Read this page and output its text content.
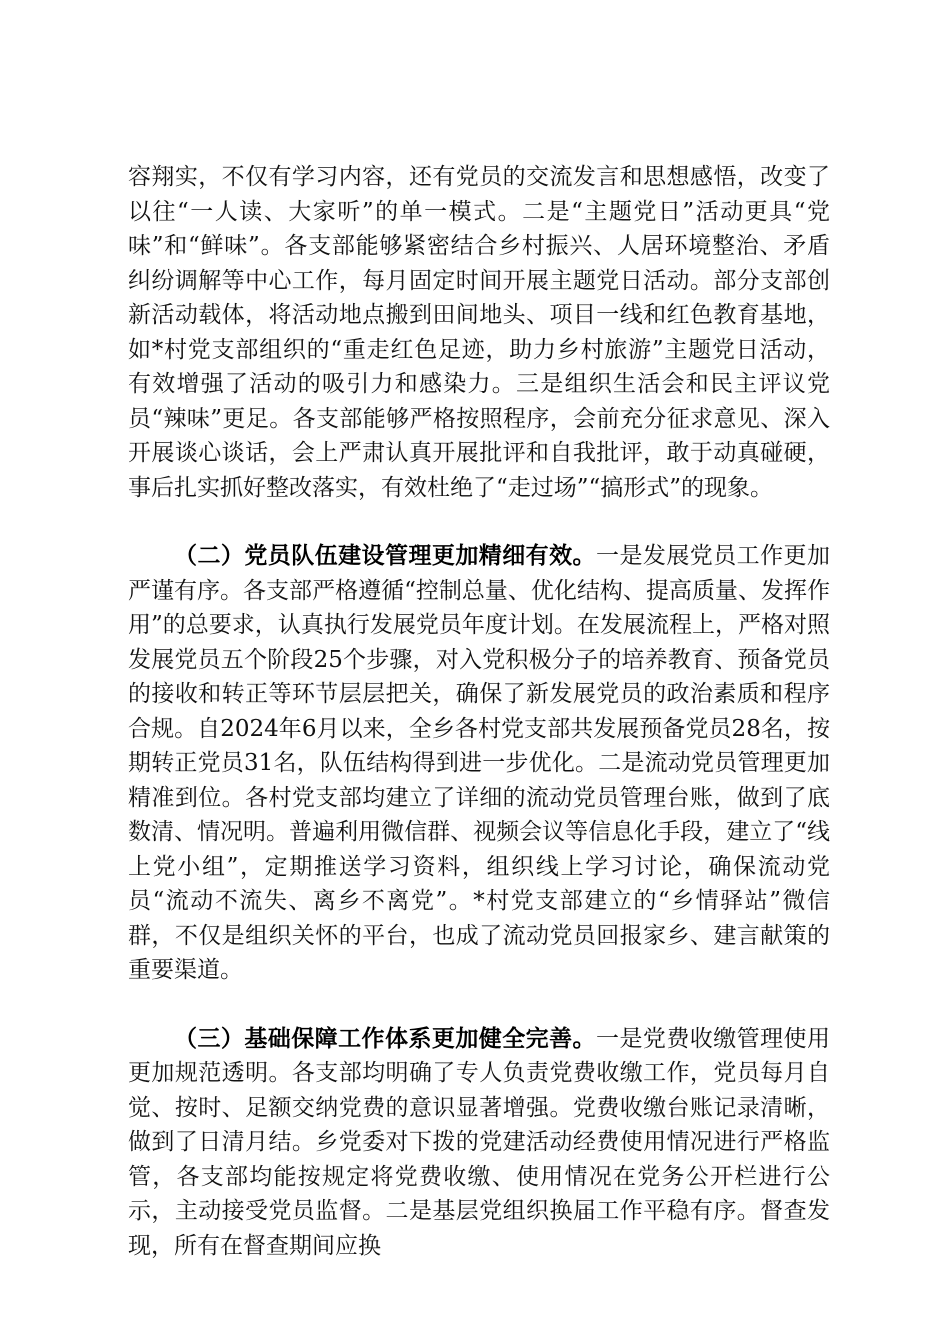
容翔实，不仅有学习内容，还有党员的交流发言和思想感悟，改变了以往“一人读、大家听”的单一模式。二是“主题党日”活动更具“党味”和“鲜味”。各支部能够紧密结合乡村振兴、人居环境整治、矛盾纠纷调解等中心工作，每月固定时间开展主题党日活动。部分支部创新活动载体，将活动地点搬到田间地头、项目一线和红色教育基地，如*村党支部组织的“重走红色足迹，助力乡村旅游”主题党日活动，有效增强了活动的吸引力和感染力。三是组织生活会和民主评议党员“辣味”更足。各支部能够严格按照程序，会前充分征求意见、深入开展谈心谈话，会上严肃认真开展批评和自我批评，敢于动真碰硬，事后扎实抓好整改落实，有效杜绝了“走过场”“搞形式”的现象。

（二）党员队伍建设管理更加精细有效。一是发展党员工作更加严谨有序。各支部严格遵循“控制总量、优化结构、提高质量、发挥作用”的总要求，认真执行发展党员年度计划。在发展流程上，严格对照发展党员五个阶段25个步骤，对入党积极分子的培养教育、预备党员的接收和转正等环节层层把关，确保了新发展党员的政治素质和程序合规。自2024年6月以来，全乡各村党支部共发展预备党员28名，按期转正党员31名，队伍结构得到进一步优化。二是流动党员管理更加精准到位。各村党支部均建立了详细的流动党员管理台账，做到了底数清、情况明。普遍利用微信群、视频会议等信息化手段，建立了“线上党小组”，定期推送学习资料，组织线上学习讨论，确保流动党员“流动不流失、离乡不离党”。*村党支部建立的“乡情驿站”微信群，不仅是组织关怀的平台，也成了流动党员回报家乡、建言献策的重要渠道。

（三）基础保障工作体系更加健全完善。一是党费收缴管理使用更加规范透明。各支部均明确了专人负责党费收缴工作，党员每月自觉、按时、足额交纳党费的意识显著增强。党费收缴台账记录清晰，做到了日清月结。乡党委对下拨的党建活动经费使用情况进行严格监管，各支部均能按规定将党费收缴、使用情况在党务公开栏进行公示，主动接受党员监督。二是基层党组织换届工作平稳有序。督查发现，所有在督查期间应换
